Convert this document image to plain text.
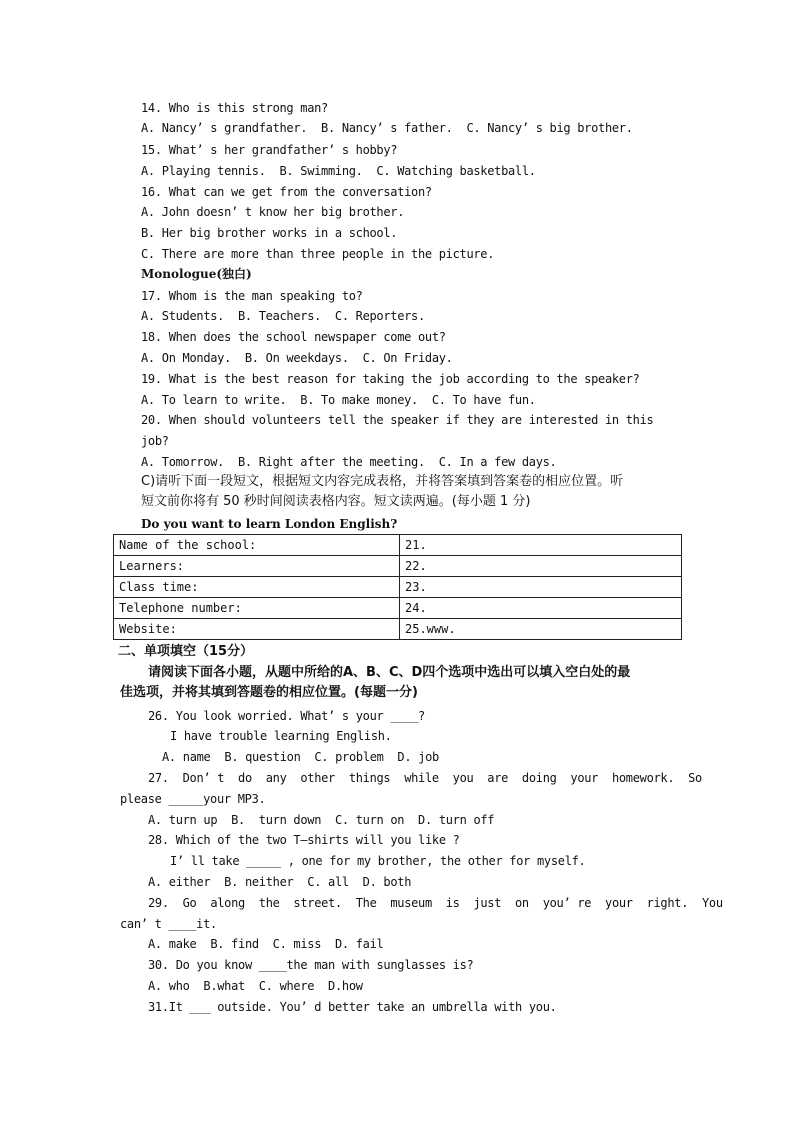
14. Who is this strong man?
A. Nancy’ s grandfather.  B. Nancy’ s father.  C. Nancy’ s big brother.
15. What’ s her grandfather’ s hobby?
A. Playing tennis.  B. Swimming.  C. Watching basketball.
16. What can we get from the conversation?
A. John doesn’ t know her big brother.
B. Her big brother works in a school.
C. There are more than three people in the picture.
Monologue(独白)
17. Whom is the man speaking to?
A. Students.  B. Teachers.  C. Reporters.
18. When does the school newspaper come out?
A. On Monday.  B. On weekdays.  C. On Friday.
19. What is the best reason for taking the job according to the speaker?
A. To learn to write.  B. To make money.  C. To have fun.
20. When should volunteers tell the speaker if they are interested in this
job?
A. Tomorrow.  B. Right after the meeting.  C. In a few days.
C)请听下面一段短文，根据短文内容完成表格，并将答案填到答案卷的相应位置。听
短文前你将有 50 秒时间阅读表格内容。短文读两遍。(每小题 1 分)
Do you want to learn London English?
Name of the school:	21.
Learners:	22.
Class time:	23.
Telephone number:	24.
Website:	25.www.
二、单项填空（15分）
请阅读下面各小题，从题中所给的A、B、C、D四个选项中选出可以填入空白处的最
佳选项，并将其填到答题卷的相应位置。(每题一分)
26. You look worried. What’ s your ____?
I have trouble learning English.
A. name  B. question  C. problem  D. job
27.  Don’ t  do  any  other  things  while  you  are  doing  your  homework.  So
please _____your MP3.
A. turn up  B.  turn down  C. turn on  D. turn off
28. Which of the two T—shirts will you like ?
I’ ll take _____ , one for my brother, the other for myself.
A. either  B. neither  C. all  D. both
29.  Go  along  the  street.  The  museum  is  just  on  you’ re  your  right.  You
can’ t ____it.
A. make  B. find  C. miss  D. fail
30. Do you know ____the man with sunglasses is?
A. who  B.what  C. where  D.how
31.It ___ outside. You’ d better take an umbrella with you.
